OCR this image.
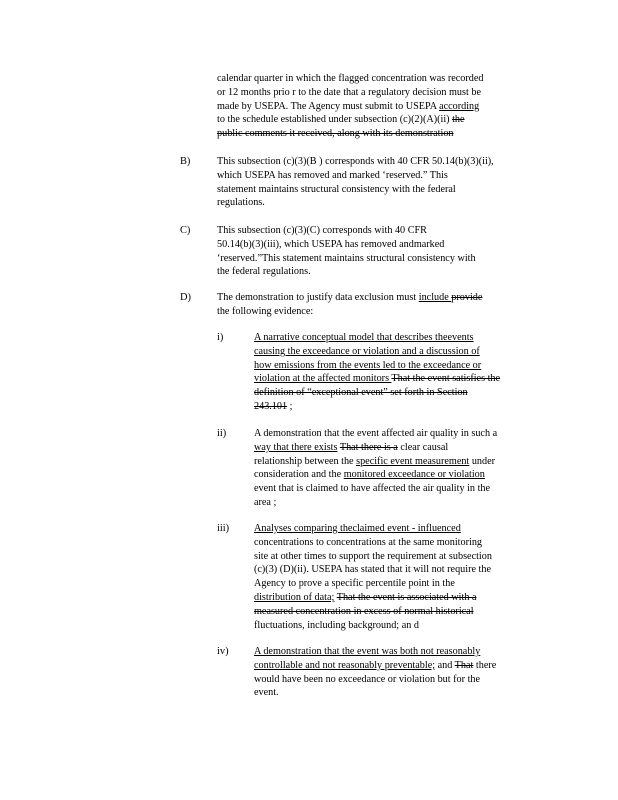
calendar quarter in which the flagged concentration was recorded
or 12 months prio r to the date that a regulatory decision must be
made by USEPA. The Agency must submit to USEPA according
to the schedule established under subsection (c)(2)(A)(ii) the
public comments it received, along with its demonstration
B)	This subsection (c)(3)(B ) corresponds with 40 CFR 50.14(b)(3)(ii),
which USEPA has removed and marked ‘reserved.” This
statement maintains structural consistency with the federal
regulations.
C)	This subsection (c)(3)(C) corresponds with 40 CFR
50.14(b)(3)(iii), which USEPA has removed andmarked
‘reserved.”This statement maintains structural consistency with
the federal regulations.
D)	The demonstration to justify data exclusion must include provide
the following evidence:
i)	A narrative conceptual model that describes theevents
causing the exceedance or violation and a discussion of
how emissions from the events led to the exceedance or
violation at the affected monitors That the event satisfies the
definition of “exceptional event” set forth in Section
243.101 ;
ii)	A demonstration that the event affected air quality in such a
way that there exists That there is a clear causal
relationship between the specific event measurement under
consideration and the monitored exceedance or violation
event that is claimed to have affected the air quality in the
area ;
iii) Analyses comparing theclaimed event - influenced
concentrations to concentrations at the same monitoring
site at other times to support the requirement at subsection
(c)(3) (D)(ii). USEPA has stated that it will not require the
Agency to prove a specific percentile point in the
distribution of data; That the event is associated with a
measured concentration in excess of normal historical
fluctuations, including background; an d
iv) A demonstration that the event was both not reasonably
controllable and not reasonably preventable; and That there
would have been no exceedance or violation but for the
event.
